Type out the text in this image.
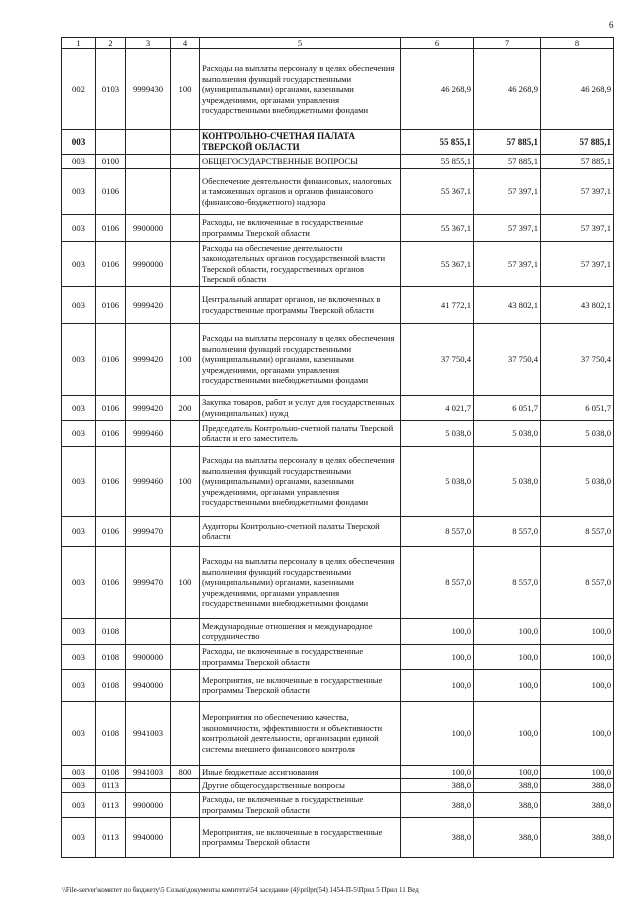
6
1	2	3	4	5	6	7	8
002	0103	9999430	100	Расходы на выплаты персоналу в целях обеспечения выполнения функций государственными (муниципальными) органами, казенными учреждениями, органами управления государственными внебюджетными фондами	46 268,9	46 268,9	46 268,9
003				КОНТРОЛЬНО-СЧЕТНАЯ ПАЛАТА ТВЕРСКОЙ ОБЛАСТИ	55 855,1	57 885,1	57 885,1
003	0100			ОБЩЕГОСУДАРСТВЕННЫЕ ВОПРОСЫ	55 855,1	57 885,1	57 885,1
003	0106			Обеспечение деятельности финансовых, налоговых и таможенных органов и органов финансового (финансово-бюджетного) надзора	55 367,1	57 397,1	57 397,1
003	0106	9900000		Расходы, не включенные в государственные программы Тверской области	55 367,1	57 397,1	57 397,1
003	0106	9990000		Расходы на обеспечение деятельности законодательных органов государственной власти Тверской области, государственных органов Тверской области	55 367,1	57 397,1	57 397,1
003	0106	9999420		Центральный аппарат органов, не включенных в государственные программы Тверской области	41 772,1	43 802,1	43 802,1
003	0106	9999420	100	Расходы на выплаты персоналу в целях обеспечения выполнения функций государственными (муниципальными) органами, казенными учреждениями, органами управления государственными внебюджетными фондами	37 750,4	37 750,4	37 750,4
003	0106	9999420	200	Закупка товаров, работ и услуг для государственных (муниципальных) нужд	4 021,7	6 051,7	6 051,7
003	0106	9999460		Председатель Контрольно-счетной палаты Тверской области и его заместитель	5 038,0	5 038,0	5 038,0
003	0106	9999460	100	Расходы на выплаты персоналу в целях обеспечения выполнения функций государственными (муниципальными) органами, казенными учреждениями, органами управления государственными внебюджетными фондами	5 038,0	5 038,0	5 038,0
003	0106	9999470		Аудиторы Контрольно-счетной палаты Тверской области	8 557,0	8 557,0	8 557,0
003	0106	9999470	100	Расходы на выплаты персоналу в целях обеспечения выполнения функций государственными (муниципальными) органами, казенными учреждениями, органами управления государственными внебюджетными фондами	8 557,0	8 557,0	8 557,0
003	0108			Международные отношения и международное сотрудничество	100,0	100,0	100,0
003	0108	9900000		Расходы, не включенные в государственные программы Тверской области	100,0	100,0	100,0
003	0108	9940000		Мероприятия, не включенные в государственные программы Тверской области	100,0	100,0	100,0
003	0108	9941003		Мероприятия по обеспечению качества, экономичности, эффективности и объективности контрольной деятельности, организации единой системы внешнего финансового контроля	100,0	100,0	100,0
003	0108	9941003	800	Иные бюджетные ассигнования	100,0	100,0	100,0
003	0113			Другие общегосударственные вопросы	388,0	388,0	388,0
003	0113	9900000		Расходы, не включенные в государственные программы Тверской области	388,0	388,0	388,0
003	0113	9940000		Мероприятия, не включенные в государственные программы Тверской области	388,0	388,0	388,0
\\File-server\комитет по бюджету\5 Созыв\документы комитета\54 заседание (4)\prilpr(54) 1454-П-5\Прил 5 Прил 11 Вед
